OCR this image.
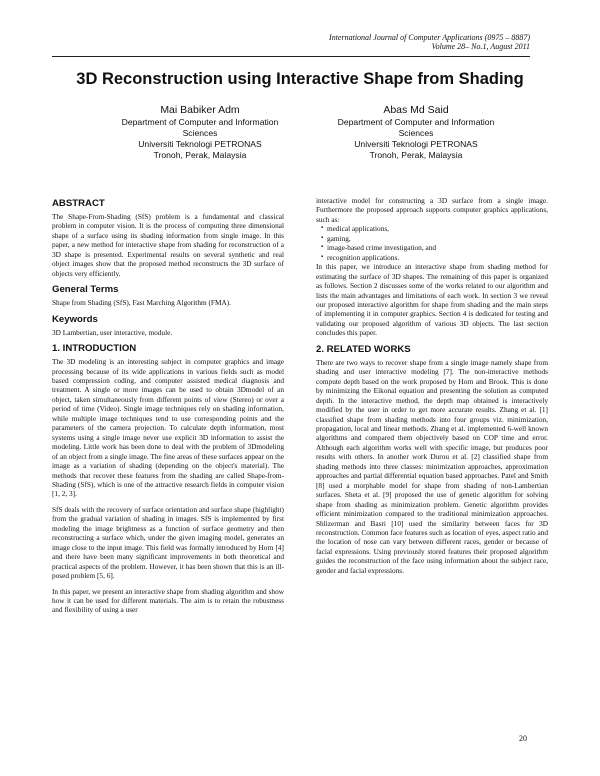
International Journal of Computer Applications (0975 – 8887)
Volume 28– No.1, August 2011
3D Reconstruction using Interactive Shape from Shading
Mai Babiker Adm
Department of Computer and Information
Sciences
Universiti Teknologi PETRONAS
Tronoh, Perak, Malaysia
Abas Md Said
Department of Computer and Information
Sciences
Universiti Teknologi PETRONAS
Tronoh, Perak, Malaysia
ABSTRACT

The Shape-From-Shading (SfS) problem is a fundamental and classical problem in computer vision. It is the process of computing three dimensional shape of a surface using its shading information from single image. In this paper, a new method for interactive shape from shading for reconstruction of a 3D shape is presented. Experimental results on several synthetic and real object images show that the proposed method reconstructs the 3D surface of objects very efficiently.

General Terms

Shape from Shading (SfS), Fast Marching Algorithm (FMA).

Keywords

3D Lambertian, user interactive, module.

1. INTRODUCTION

The 3D modeling is an interesting subject in computer graphics and image processing because of its wide applications in various fields such as model based compression coding, and computer assisted medical diagnosis and treatment. A single or more images can be used to obtain 3Dmodel of an object, taken simultaneously from different points of view (Stereo) or over a period of time (Video). Single image techniques rely on shading information, while multiple image techniques tend to use corresponding points and the parameters of the camera projection. To calculate depth information, most systems using a single image never use explicit 3D information to assist the modeling. Little work has been done to deal with the problem of 3Dmodeling of an object from a single image. The fine areas of these surfaces appear on the image as a variation of shading (depending on the object's material). The methods that recover these features from the shading are called Shape-from-Shading (SfS), which is one of the attractive research fields in computer vision [1, 2, 3].

SfS deals with the recovery of surface orientation and surface shape (highlight) from the gradual variation of shading in images. SfS is implemented by first modeling the image brightness as a function of surface geometry and then reconstructing a surface which, under the given imaging model, generates an image close to the input image. This field was formally introduced by Horn [4] and there have been many significant improvements in both theoretical and practical aspects of the problem. However, it has been shown that this is an ill-posed problem [5, 6].

In this paper, we present an interactive shape from shading algorithm and show how it can be used for different materials. The aim is to retain the robustness and flexibility of using a user

interactive model for constructing a 3D surface from a single image. Furthermore the proposed approach supports computer graphics applications, such as:

▪ medical applications,
▪ gaming,
▪ image-based crime investigation, and
▪ recognition applications.

In this paper, we introduce an interactive shape from shading method for estimating the surface of 3D shapes. The remaining of this paper is organized as follows. Section 2 discusses some of the works related to our algorithm and lists the main advantages and limitations of each work. In section 3 we reveal our proposed interactive algorithm for shape from shading and the main steps of implementing it in computer graphics. Section 4 is dedicated for testing and validating our proposed algorithm of various 3D objects. The last section concludes this paper.

2. RELATED WORKS

There are two ways to recover shape from a single image namely shape from shading and user interactive modeling [7]. The non-interactive methods compute depth based on the work proposed by Horn and Brook. This is done by minimizing the Eikonal equation and presenting the solution as computed depth. In the interactive method, the depth map obtained is interactively modified by the user in order to get more accurate results. Zhang et al. [1] classified shape from shading methods into four groups viz. minimization, propagation, local and linear methods. Zhang et al. implemented 6-well known algorithms and compared them objectively based on COP time and error. Although each algorithm works well with specific image, but produces poor results with others. In another work Durou et al. [2] classified shape from shading methods into three classes: minimization approaches, approximation approaches and partial differential equation based approaches. Patel and Smith [8] used a morphable model for shape from shading of non-Lambertian surfaces. Sheta et al. [9] proposed the use of genetic algorithm for solving shape from shading as minimization problem. Genetic algorithm provides efficient minimization compared to the traditional minimization approaches. Shlizerman and Basri [10] used the similarity between faces for 3D reconstruction. Common face features such as location of eyes, aspect ratio and the location of nose can vary between different races, gender or because of facial expressions. Using previously stored features their proposed algorithm guides the reconstruction of the face using information about the subject race, gender and facial expressions.

20
